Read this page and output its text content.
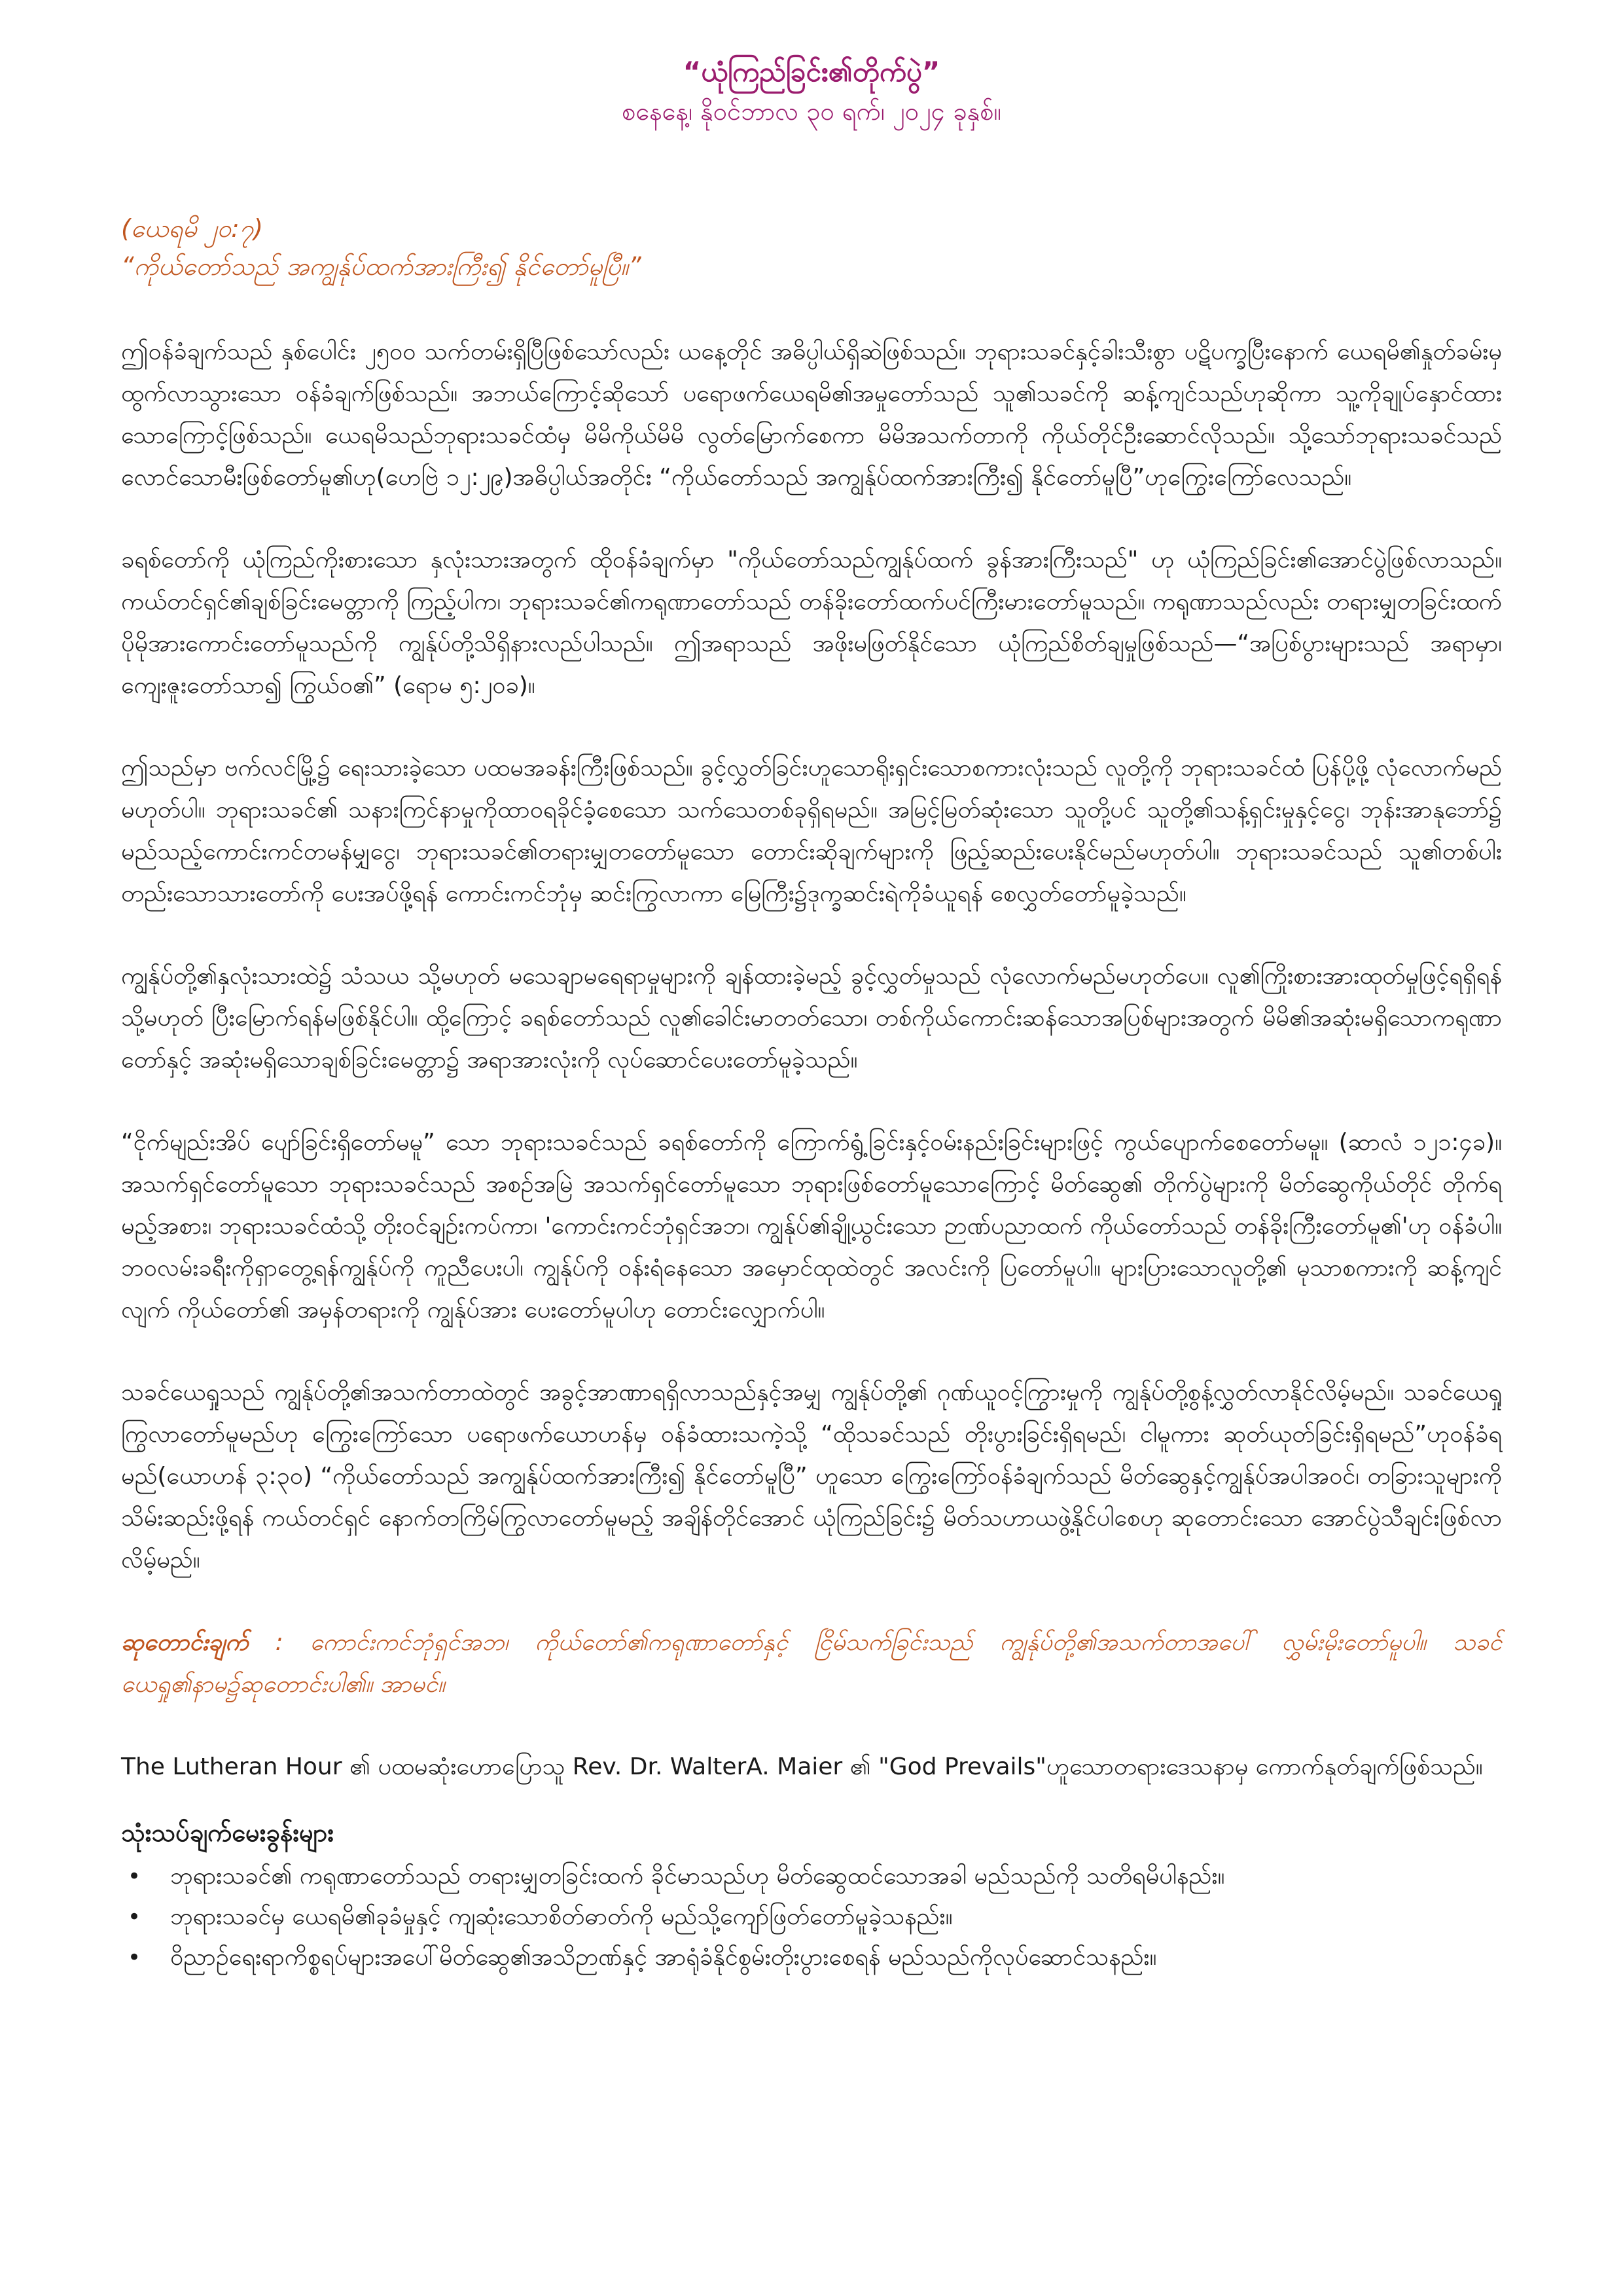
“ယုံကြည်ခြင်း၏တိုက်ပွဲ”

စနေနေ့၊ နိုဝင်ဘာလ ၃၀ ရက်၊ ၂၀၂၄ ခုနှစ်။

(ယေရမိ ၂၀:၇)
“ကိုယ်တော်သည် အကျွန်ုပ်ထက်အားကြီး၍ နိုင်တော်မူပြီ။”

ဤဝန်ခံချက်သည် နှစ်ပေါင်း ၂၅၀၀ သက်တမ်းရှိပြီဖြစ်သော်လည်း ယနေ့တိုင် အဓိပ္ပါယ်ရှိဆဲဖြစ်သည်။ ဘုရားသခင်နှင့်ခါးသီးစွာ ပဋိပက္ခပြီးနောက် ယေရမိ၏နှုတ်ခမ်းမှ ထွက်လာသွားသော ဝန်ခံချက်ဖြစ်သည်။ အဘယ်ကြောင့်ဆိုသော် ပရောဖက်ယေရမိ၏အမှုတော်သည် သူ၏သခင်ကို ဆန့်ကျင်သည်ဟုဆိုကာ သူ့ကိုချုပ်နှောင်ထားသောကြောင့်ဖြစ်သည်။ ယေရမိသည်ဘုရားသခင်ထံမှ မိမိကိုယ်မိမိ လွတ်မြောက်စေကာ မိမိအသက်တာကို ကိုယ်တိုင်ဦးဆောင်လိုသည်။ သို့သော်ဘုရားသခင်သည် လောင်သောမီးဖြစ်တော်မူ၏ဟု(ဟေဗြဲ ၁၂:၂၉)အဓိပ္ပါယ်အတိုင်း “ကိုယ်တော်သည် အကျွန်ုပ်ထက်အားကြီး၍ နိုင်တော်မူပြီ”ဟုကြွေးကြော်လေသည်။

ခရစ်တော်ကို ယုံကြည်ကိုးစားသော နှလုံးသားအတွက် ထိုဝန်ခံချက်မှာ "ကိုယ်တော်သည်ကျွန်ုပ်ထက် ခွန်အားကြီးသည်" ဟု ယုံကြည်ခြင်း၏အောင်ပွဲဖြစ်လာသည်။ ကယ်တင်ရှင်၏ချစ်ခြင်းမေတ္တာကို ကြည့်ပါက၊ ဘုရားသခင်၏ကရုဏာတော်သည် တန်ခိုးတော်ထက်ပင်ကြီးမားတော်မူသည်။ ကရုဏာသည်လည်း တရားမျှတခြင်းထက် ပိုမိုအားကောင်းတော်မူသည်ကို ကျွန်ုပ်တို့သိရှိနားလည်ပါသည်။ ဤအရာသည် အဖိုးမဖြတ်နိုင်သော ယုံကြည်စိတ်ချမှုဖြစ်သည်—“အပြစ်ပွားများသည် အရာမှာ၊ ကျေးဇူးတော်သာ၍ ကြွယ်ဝ၏” (ရောမ ၅:၂၀ခ)။

ဤသည်မှာ ဗက်လင်မြို့၌ ရေးသားခဲ့သော ပထမအခန်းကြီးဖြစ်သည်။ ခွင့်လွှတ်ခြင်းဟူသောရိုးရှင်းသောစကားလုံးသည် လူတို့ကို ဘုရားသခင်ထံ ပြန်ပို့ဖို့ လုံလောက်မည် မဟုတ်ပါ။ ဘုရားသခင်၏ သနားကြင်နာမှုကိုထာဝရခိုင်ခံ့စေသော သက်သေတစ်ခုရှိရမည်။ အမြင့်မြတ်ဆုံးသော သူတို့ပင် သူတို့၏သန့်ရှင်းမှုနှင့်ငွေ၊ ဘုန်းအာနုဘော်၌ မည်သည့်ကောင်းကင်တမန်မျှငွေ၊ ဘုရားသခင်၏တရားမျှတတော်မူသော တောင်းဆိုချက်များကို ဖြည့်ဆည်းပေးနိုင်မည်မဟုတ်ပါ။ ဘုရားသခင်သည် သူ၏တစ်ပါးတည်းသောသားတော်ကို ပေးအပ်ဖို့ရန် ကောင်းကင်ဘုံမှ ဆင်းကြွလာကာ မြေကြီး၌ဒုက္ခဆင်းရဲကိုခံယူရန် စေလွှတ်တော်မူခဲ့သည်။

ကျွန်ုပ်တို့၏နှလုံးသားထဲ၌ သံသယ သို့မဟုတ် မသေချာမရေရာမှုများကို ချန်ထားခဲ့မည့် ခွင့်လွှတ်မှုသည် လုံလောက်မည်မဟုတ်ပေ။ လူ၏ကြိုးစားအားထုတ်မှုဖြင့်ရရှိရန် သို့မဟုတ် ပြီးမြောက်ရန်မဖြစ်နိုင်ပါ။ ထို့ကြောင့် ခရစ်တော်သည် လူ၏ခေါင်းမာတတ်သော၊ တစ်ကိုယ်ကောင်းဆန်သောအပြစ်များအတွက် မိမိ၏အဆုံးမရှိသောကရုဏာတော်နှင့် အဆုံးမရှိသောချစ်ခြင်းမေတ္တာ၌ အရာအားလုံးကို လုပ်ဆောင်ပေးတော်မူခဲ့သည်။

“ငိုက်မျည်းအိပ် ပျော်ခြင်းရှိတော်မမူ” သော ဘုရားသခင်သည် ခရစ်တော်ကို ကြောက်ရွံ့ခြင်းနှင့်ဝမ်းနည်းခြင်းများဖြင့် ကွယ်ပျောက်စေတော်မမူ။ (ဆာလံ ၁၂၁:၄ခ)။ အသက်ရှင်တော်မူသော ဘုရားသခင်သည် အစဉ်အမြဲ အသက်ရှင်တော်မူသော ဘုရားဖြစ်တော်မူသောကြောင့် မိတ်ဆွေ၏ တိုက်ပွဲများကို မိတ်ဆွေကိုယ်တိုင် တိုက်ရမည့်အစား၊ ဘုရားသခင်ထံသို့ တိုးဝင်ချဉ်းကပ်ကာ၊ 'ကောင်းကင်ဘုံရှင်အဘ၊ ကျွန်ုပ်၏ချို့ယွင်းသော ဉာဏ်ပညာထက် ကိုယ်တော်သည် တန်ခိုးကြီးတော်မူ၏'ဟု ဝန်ခံပါ။ ဘဝလမ်းခရီးကိုရှာတွေ့ရန်ကျွန်ုပ်ကို ကူညီပေးပါ၊ ကျွန်ုပ်ကို ဝန်းရံနေသော အမှောင်ထုထဲတွင် အလင်းကို ပြတော်မူပါ။ များပြားသောလူတို့၏ မုသာစကားကို ဆန့်ကျင်လျက် ကိုယ်တော်၏ အမှန်တရားကို ကျွန်ုပ်အား ပေးတော်မူပါဟု တောင်းလျှောက်ပါ။

သခင်ယေရှုသည် ကျွန်ုပ်တို့၏အသက်တာထဲတွင် အခွင့်အာဏာရရှိလာသည်နှင့်အမျှ ကျွန်ုပ်တို့၏ ဂုဏ်ယူဝင့်ကြွားမှုကို ကျွန်ုပ်တို့စွန့်လွှတ်လာနိုင်လိမ့်မည်။ သခင်ယေရှုကြွလာတော်မူမည်ဟု ကြွေးကြော်သော ပရောဖက်ယောဟန်မှ ဝန်ခံထားသကဲ့သို့ “ထိုသခင်သည် တိုးပွားခြင်းရှိရမည်၊ ငါမူကား ဆုတ်ယုတ်ခြင်းရှိရမည်”ဟုဝန်ခံရမည်(ယောဟန် ၃:၃၀) “ကိုယ်တော်သည် အကျွန်ုပ်ထက်အားကြီး၍ နိုင်တော်မူပြီ” ဟူသော ကြွေးကြော်ဝန်ခံချက်သည် မိတ်ဆွေနှင့်ကျွန်ုပ်အပါအဝင်၊ တခြားသူများကို သိမ်းဆည်းဖို့ရန် ကယ်တင်ရှင် နောက်တကြိမ်ကြွလာတော်မူမည့် အချိန်တိုင်အောင် ယုံကြည်ခြင်း၌ မိတ်သဟာယဖွဲ့နိုင်ပါစေဟု ဆုတောင်းသော အောင်ပွဲသီချင်းဖြစ်လာလိမ့်မည်။

ဆုတောင်းချက် : ကောင်းကင်ဘုံရှင်အဘ၊ ကိုယ်တော်၏ကရုဏာတော်နှင့် ငြိမ်သက်ခြင်းသည် ကျွန်ုပ်တို့၏အသက်တာအပေါ် လွှမ်းမိုးတော်မူပါ။ သခင်ယေရှု၏နာမ၌ဆုတောင်းပါ၏။ အာမင်။

The Lutheran Hour ၏ ပထမဆုံးဟောပြောသူ Rev. Dr. WalterA. Maier ၏ "God Prevails"ဟူသောတရားဒေသနာမှ ကောက်နုတ်ချက်ဖြစ်သည်။

သုံးသပ်ချက်မေးခွန်းများ

• ဘုရားသခင်၏ ကရုဏာတော်သည် တရားမျှတခြင်းထက် ခိုင်မာသည်ဟု မိတ်ဆွေထင်သောအခါ မည်သည်ကို သတိရမိပါနည်း။
• ဘုရားသခင်မှ ယေရမိ၏ခုခံမှုနှင့် ကျဆုံးသောစိတ်ဓာတ်ကို မည်သို့ကျော်ဖြတ်တော်မူခဲ့သနည်း။
• ဝိညာဉ်ရေးရာကိစ္စရပ်များအပေါ်မိတ်ဆွေ၏အသိဉာဏ်နှင့် အာရုံခံနိုင်စွမ်းတိုးပွားစေရန် မည်သည်ကိုလုပ်ဆောင်သနည်း။
